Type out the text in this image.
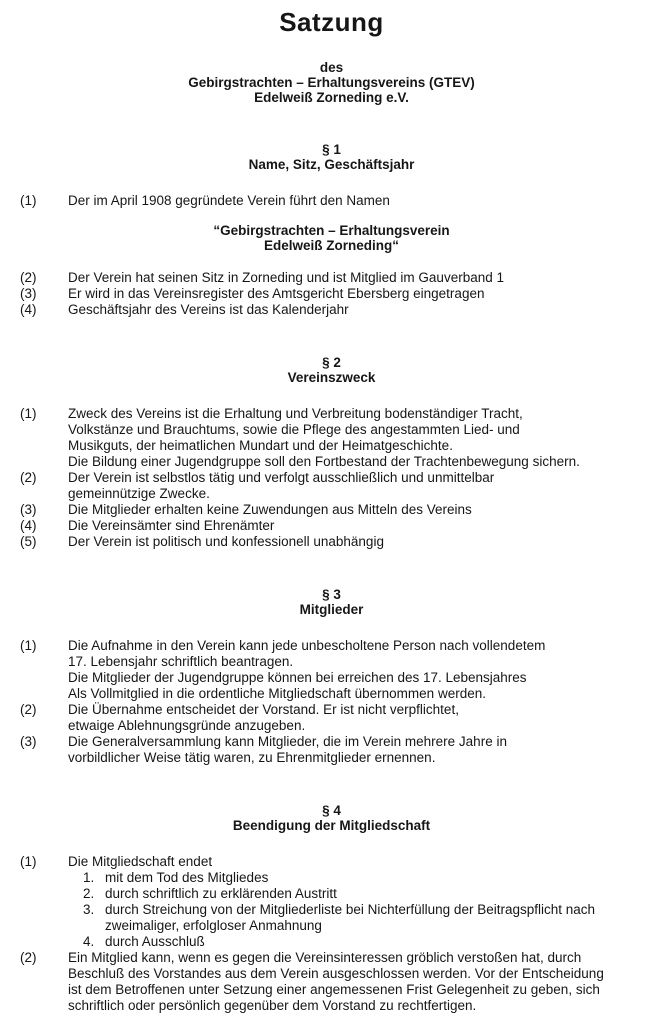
Satzung
des
Gebirgstrachten – Erhaltungsvereins (GTEV)
Edelweiß Zorneding e.V.
§ 1
Name, Sitz, Geschäftsjahr
(1) Der im April 1908 gegründete Verein führt den Namen
“Gebirgstrachten – Erhaltungsverein
Edelweiß Zorneding“
(2) Der Verein hat seinen Sitz in Zorneding und ist Mitglied im Gauverband 1
(3) Er wird in das Vereinsregister des Amtsgericht Ebersberg eingetragen
(4) Geschäftsjahr des Vereins ist das Kalenderjahr
§ 2
Vereinszweck
(1) Zweck des Vereins ist die Erhaltung und Verbreitung bodenständiger Tracht,
Volkstänze und Brauchtums, sowie die Pflege des angestammten Lied- und
Musikguts, der heimatlichen Mundart und der Heimatgeschichte.
Die Bildung einer Jugendgruppe soll den Fortbestand der Trachtenbewegung sichern.
(2) Der Verein ist selbstlos tätig und verfolgt ausschließlich und unmittelbar
gemeinnützige Zwecke.
(3) Die Mitglieder erhalten keine Zuwendungen aus Mitteln des Vereins
(4) Die Vereinsämter sind Ehrenämter
(5) Der Verein ist politisch und konfessionell unabhängig
§ 3
Mitglieder
(1) Die Aufnahme in den Verein kann jede unbescholtene Person nach vollendetem
17. Lebensjahr schriftlich beantragen.
Die Mitglieder der Jugendgruppe können bei erreichen des 17. Lebensjahres
Als Vollmitglied in die ordentliche Mitgliedschaft übernommen werden.
(2) Die Übernahme entscheidet der Vorstand. Er ist nicht verpflichtet,
etwaige Ablehnungsgründe anzugeben.
(3) Die Generalversammlung kann Mitglieder, die im Verein mehrere Jahre in
vorbildlicher Weise tätig waren, zu Ehrenmitglieder ernennen.
§ 4
Beendigung der Mitgliedschaft
(1) Die Mitgliedschaft endet
1. mit dem Tod des Mitgliedes
2. durch schriftlich zu erklärenden Austritt
3. durch Streichung von der Mitgliederliste bei Nichterfüllung der Beitragspflicht nach
zweimaliger, erfolgloser Anmahnung
4. durch Ausschluß
(2) Ein Mitglied kann, wenn es gegen die Vereinsinteressen gröblich verstoßen hat, durch
Beschluß des Vorstandes aus dem Verein ausgeschlossen werden. Vor der Entscheidung
ist dem Betroffenen unter Setzung einer angemessenen Frist Gelegenheit zu geben, sich
schriftlich oder persönlich gegenüber dem Vorstand zu rechtfertigen.
